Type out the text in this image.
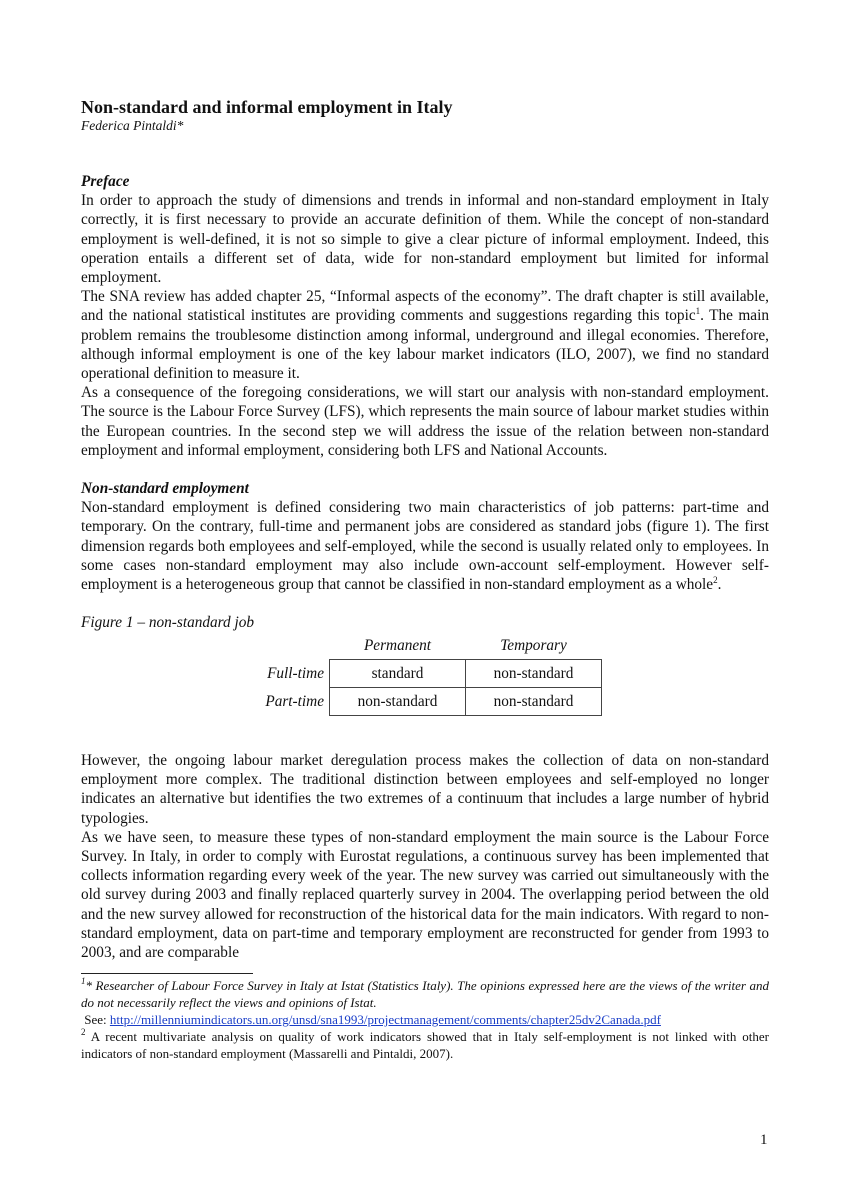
Non-standard and informal employment in Italy

Federica Pintaldi*

Preface

In order to approach the study of dimensions and trends in informal and non-standard employment in Italy correctly, it is first necessary to provide an accurate definition of them. While the concept of non-standard employment is well-defined, it is not so simple to give a clear picture of informal employment. Indeed, this operation entails a different set of data, wide for non-standard employment but limited for informal employment.

The SNA review has added chapter 25, “Informal aspects of the economy”. The draft chapter is still available, and the national statistical institutes are providing comments and suggestions regarding this topic$^1$. The main problem remains the troublesome distinction among informal, underground and illegal economies. Therefore, although informal employment is one of the key labour market indicators (ILO, 2007), we find no standard operational definition to measure it.

As a consequence of the foregoing considerations, we will start our analysis with non-standard employment. The source is the Labour Force Survey (LFS), which represents the main source of labour market studies within the European countries. In the second step we will address the issue of the relation between non-standard employment and informal employment, considering both LFS and National Accounts.

Non-standard employment

Non-standard employment is defined considering two main characteristics of job patterns: part-time and temporary. On the contrary, full-time and permanent jobs are considered as standard jobs (figure 1). The first dimension regards both employees and self-employed, while the second is usually related only to employees. In some cases non-standard employment may also include own-account self-employment. However self-employment is a heterogeneous group that cannot be classified in non-standard employment as a whole$^2$.

Figure 1 – non-standard job

	Permanent	Temporary
Full-time	standard	non-standard
Part-time	non-standard	non-standard

However, the ongoing labour market deregulation process makes the collection of data on non-standard employment more complex. The traditional distinction between employees and self-employed no longer indicates an alternative but identifies the two extremes of a continuum that includes a large number of hybrid typologies.

As we have seen, to measure these types of non-standard employment the main source is the Labour Force Survey. In Italy, in order to comply with Eurostat regulations, a continuous survey has been implemented that collects information regarding every week of the year. The new survey was carried out simultaneously with the old survey during 2003 and finally replaced quarterly survey in 2004. The overlapping period between the old and the new survey allowed for reconstruction of the historical data for the main indicators. With regard to non-standard employment, data on part-time and temporary employment are reconstructed for gender from 1993 to 2003, and are comparable

$^1$* Researcher of Labour Force Survey in Italy at Istat (Statistics Italy). The opinions expressed here are the views of the writer and do not necessarily reflect the views and opinions of Istat.

See: http://millenniumindicators.un.org/unsd/sna1993/projectmanagement/comments/chapter25dv2Canada.pdf

$^2$ A recent multivariate analysis on quality of work indicators showed that in Italy self-employment is not linked with other indicators of non-standard employment (Massarelli and Pintaldi, 2007).

1
